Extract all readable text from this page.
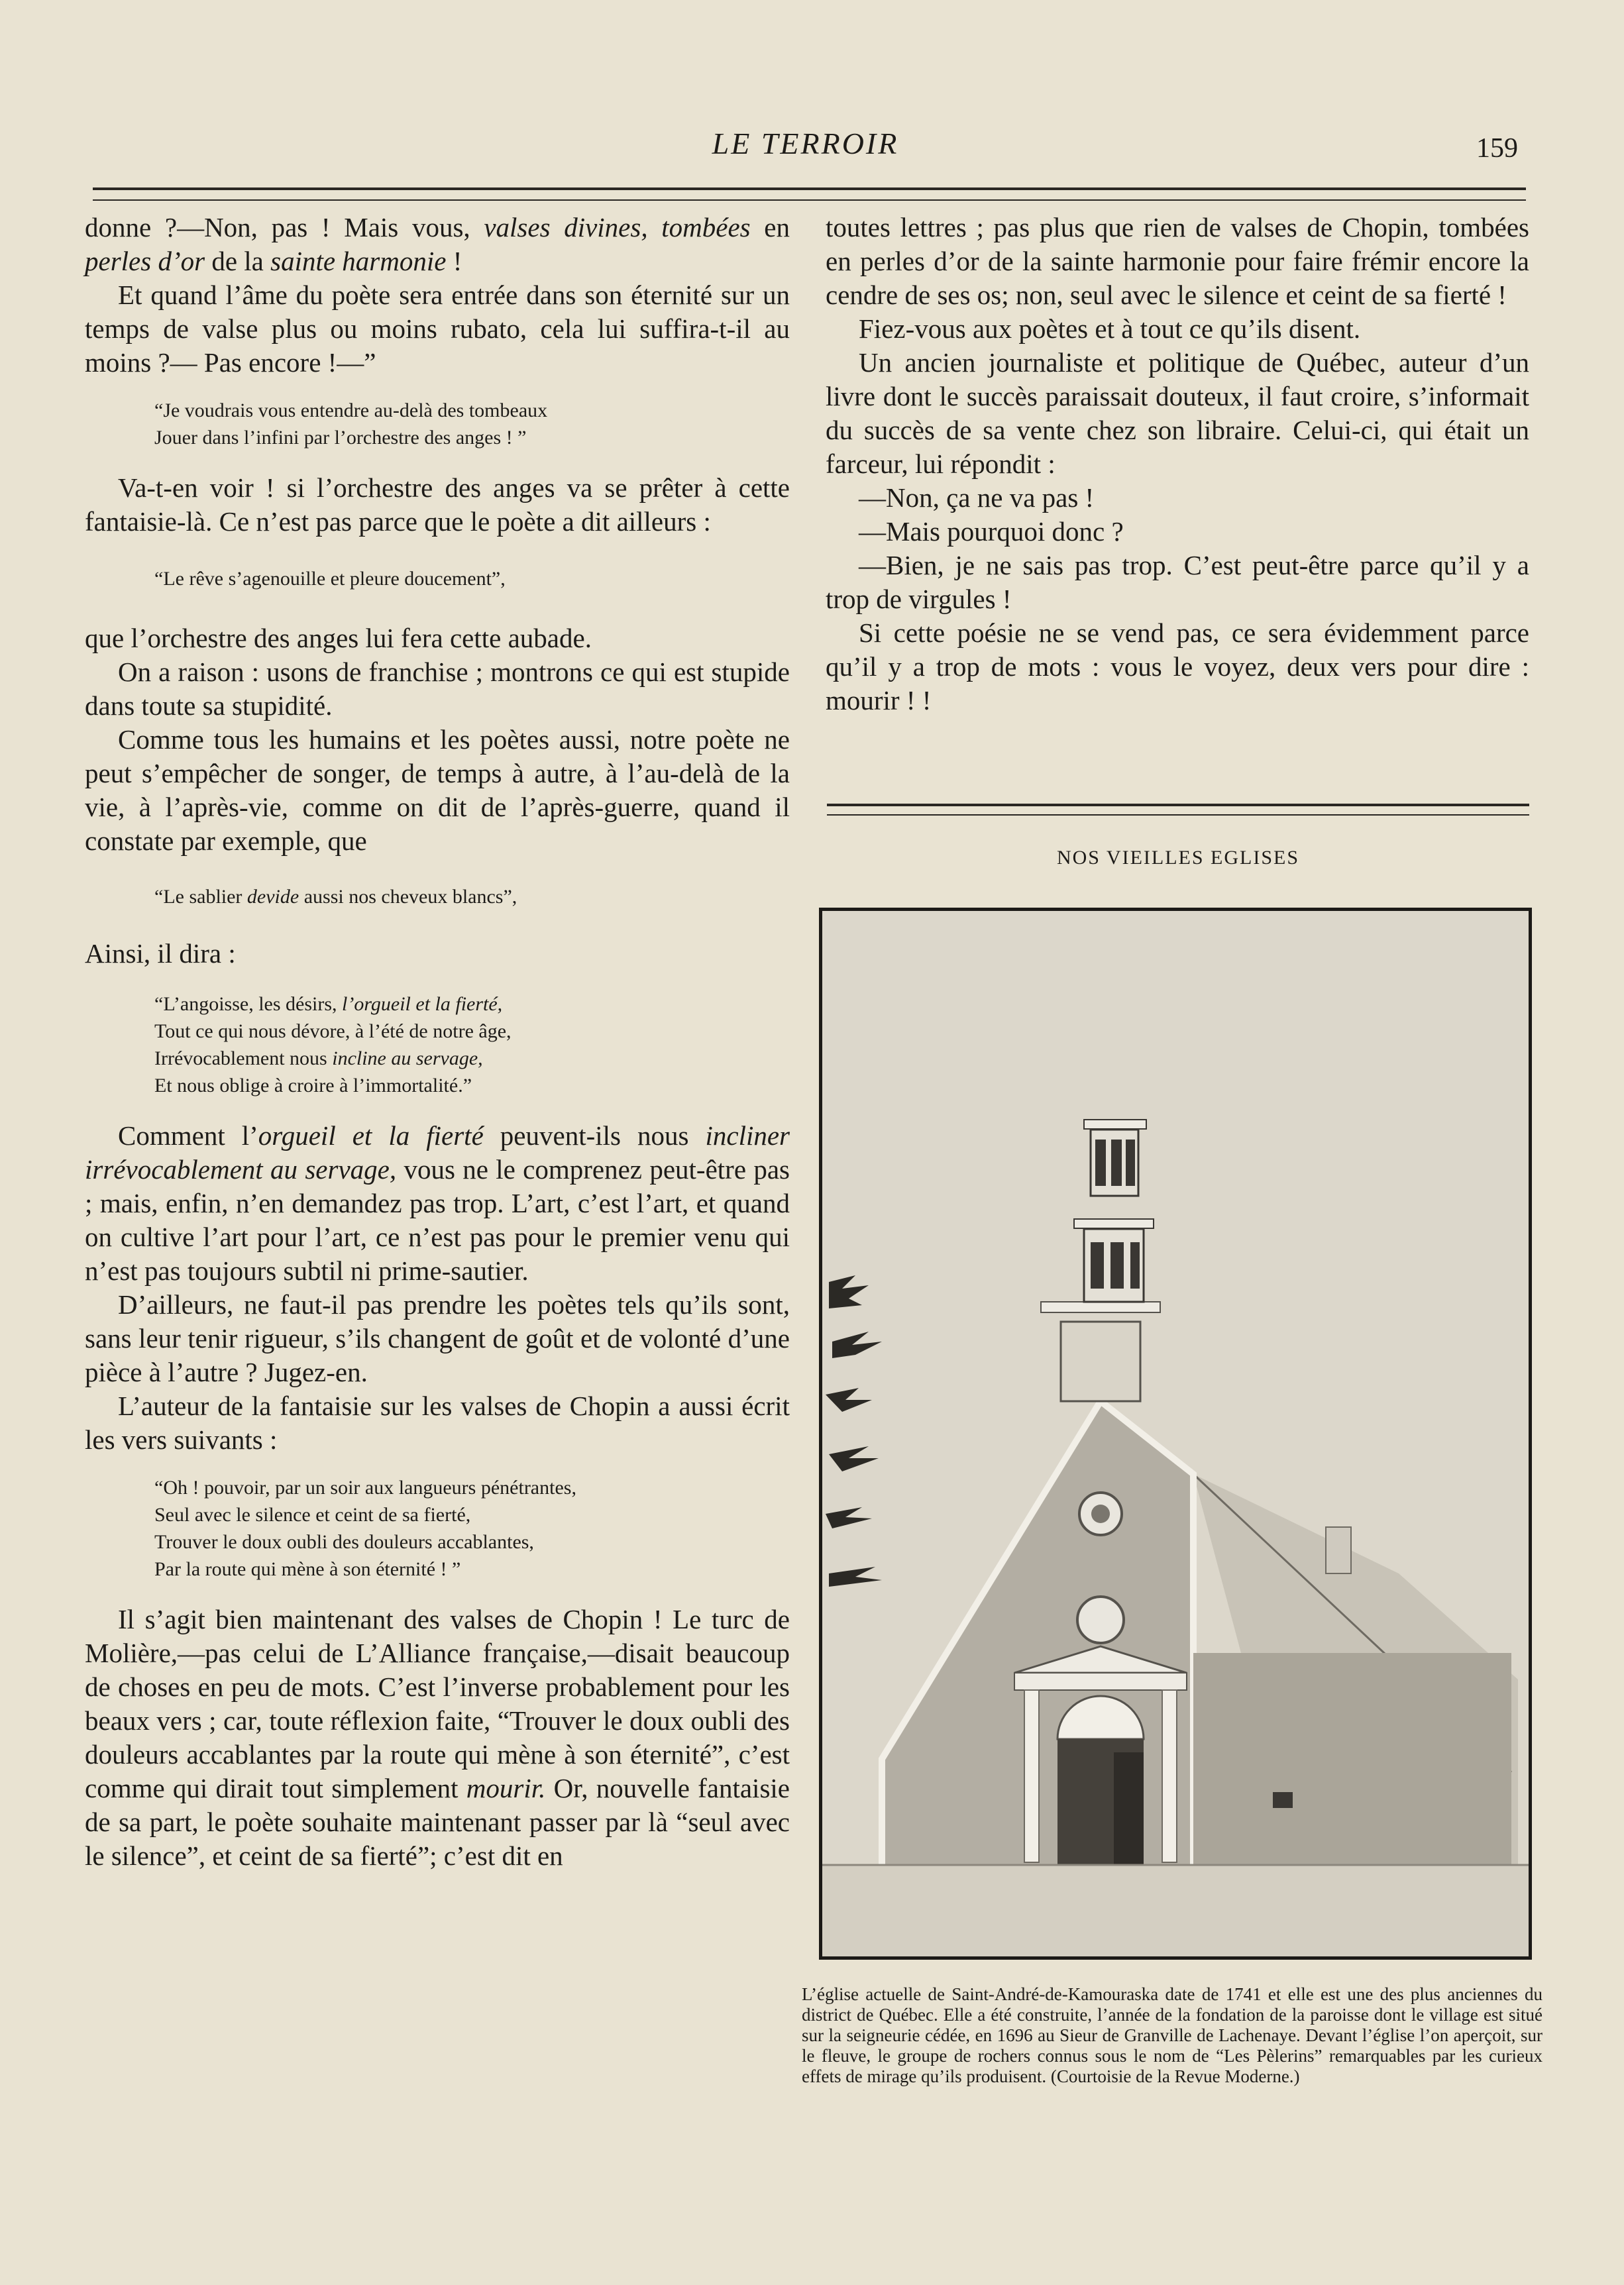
LE TERROIR	159

donne ?—Non, pas ! Mais vous, valses divines, tombées en perles d’or de la sainte harmonie !

Et quand l’âme du poète sera entrée dans son éternité sur un temps de valse plus ou moins rubato, cela lui suffira-t-il au moins ?— Pas encore !—”

“Je voudrais vous entendre au-delà des tombeaux
Jouer dans l’infini par l’orchestre des anges ! ”

Va-t-en voir ! si l’orchestre des anges va se prêter à cette fantaisie-là. Ce n’est pas parce que le poète a dit ailleurs :

“Le rêve s’agenouille et pleure doucement”,

que l’orchestre des anges lui fera cette aubade.

On a raison : usons de franchise ; montrons ce qui est stupide dans toute sa stupidité.

Comme tous les humains et les poètes aussi, notre poète ne peut s’empêcher de songer, de temps à autre, à l’au-delà de la vie, à l’après-vie, comme on dit de l’après-guerre, quand il constate par exemple, que

“Le sablier devide aussi nos cheveux blancs”,

Ainsi, il dira :

“L’angoisse, les désirs, l’orgueil et la fierté,
Tout ce qui nous dévore, à l’été de notre âge,
Irrévocablement nous incline au servage,
Et nous oblige à croire à l’immortalité.”

Comment l’orgueil et la fierté peuvent-ils nous incliner irrévocablement au servage, vous ne le comprenez peut-être pas ; mais, enfin, n’en demandez pas trop. L’art, c’est l’art, et quand on cultive l’art pour l’art, ce n’est pas pour le premier venu qui n’est pas toujours subtil ni prime-sautier.

D’ailleurs, ne faut-il pas prendre les poètes tels qu’ils sont, sans leur tenir rigueur, s’ils changent de goût et de volonté d’une pièce à l’autre ? Jugez-en.

L’auteur de la fantaisie sur les valses de Chopin a aussi écrit les vers suivants :

“Oh ! pouvoir, par un soir aux langueurs pénétrantes,
Seul avec le silence et ceint de sa fierté,
Trouver le doux oubli des douleurs accablantes,
Par la route qui mène à son éternité ! ”

Il s’agit bien maintenant des valses de Chopin ! Le turc de Molière,—pas celui de L’Alliance française,—disait beaucoup de choses en peu de mots. C’est l’inverse probablement pour les beaux vers ; car, toute réflexion faite, “Trouver le doux oubli des douleurs accablantes par la route qui mène à son éternité”, c’est comme qui dirait tout simplement mourir. Or, nouvelle fantaisie de sa part, le poète souhaite maintenant passer par là “seul avec le silence”, et ceint de sa fierté”; c’est dit en

toutes lettres ; pas plus que rien de valses de Chopin, tombées en perles d’or de la sainte harmonie pour faire frémir encore la cendre de ses os; non, seul avec le silence et ceint de sa fierté !

Fiez-vous aux poètes et à tout ce qu’ils disent.

Un ancien journaliste et politique de Québec, auteur d’un livre dont le succès paraissait douteux, il faut croire, s’informait du succès de sa vente chez son libraire. Celui-ci, qui était un farceur, lui répondit :

—Non, ça ne va pas !

—Mais pourquoi donc ?

—Bien, je ne sais pas trop. C’est peut-être parce qu’il y a trop de virgules !

Si cette poésie ne se vend pas, ce sera évidemment parce qu’il y a trop de mots : vous le voyez, deux vers pour dire : mourir ! !

NOS VIEILLES EGLISES
L’église actuelle de Saint-André-de-Kamouraska date de 1741 et elle est une des plus anciennes du district de Québec. Elle a été construite, l’année de la fondation de la paroisse dont le village est situé sur la seigneurie cédée, en 1696 au Sieur de Granville de Lachenaye. Devant l’église l’on aperçoit, sur le fleuve, le groupe de rochers connus sous le nom de “Les Pèlerins” remarquables par les curieux effets de mirage qu’ils produisent. (Courtoisie de la Revue Moderne.)
